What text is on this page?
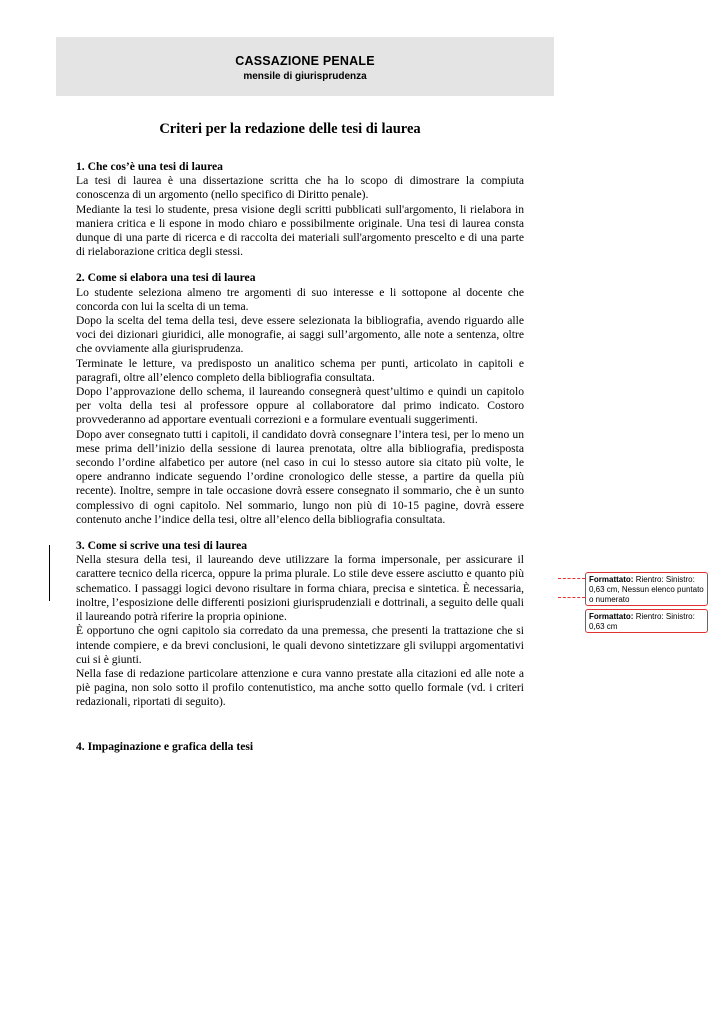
CASSAZIONE PENALE
mensile di giurisprudenza
Criteri per la redazione delle tesi di laurea
1. Che cos’è una tesi di laurea

La tesi di laurea è una dissertazione scritta che ha lo scopo di dimostrare la compiuta conoscenza di un argomento (nello specifico di Diritto penale).

Mediante la tesi lo studente, presa visione degli scritti pubblicati sull'argomento, li rielabora in maniera critica e li espone in modo chiaro e possibilmente originale. Una tesi di laurea consta dunque di una parte di ricerca e di raccolta dei materiali sull'argomento prescelto e di una parte di rielaborazione critica degli stessi.

2. Come si elabora una tesi di laurea

Lo studente seleziona almeno tre argomenti di suo interesse e li sottopone al docente che concorda con lui la scelta di un tema.

Dopo la scelta del tema della tesi, deve essere selezionata la bibliografia, avendo riguardo alle voci dei dizionari giuridici, alle monografie, ai saggi sull’argomento, alle note a sentenza, oltre che ovviamente alla giurisprudenza.

Terminate le letture, va predisposto un analitico schema per punti, articolato in capitoli e paragrafi, oltre all’elenco completo della bibliografia consultata.

Dopo l’approvazione dello schema, il laureando consegnerà quest’ultimo e quindi un capitolo per volta della tesi al professore oppure al collaboratore dal primo indicato. Costoro provvederanno ad apportare eventuali correzioni e a formulare eventuali suggerimenti.

Dopo aver consegnato tutti i capitoli, il candidato dovrà consegnare l’intera tesi, per lo meno un mese prima dell’inizio della sessione di laurea prenotata, oltre alla bibliografia, predisposta secondo l’ordine alfabetico per autore (nel caso in cui lo stesso autore sia citato più volte, le opere andranno indicate seguendo l’ordine cronologico delle stesse, a partire da quella più recente). Inoltre, sempre in tale occasione dovrà essere consegnato il sommario, che è un sunto complessivo di ogni capitolo. Nel sommario, lungo non più di 10-15 pagine, dovrà essere contenuto anche l’indice della tesi, oltre all’elenco della bibliografia consultata.

3. Come si scrive una tesi di laurea

Nella stesura della tesi, il laureando deve utilizzare la forma impersonale, per assicurare il carattere tecnico della ricerca, oppure la prima plurale. Lo stile deve essere asciutto e quanto più schematico. I passaggi logici devono risultare in forma chiara, precisa e sintetica. È necessaria, inoltre, l’esposizione delle differenti posizioni giurisprudenziali e dottrinali, a seguito delle quali il laureando potrà riferire la propria opinione.

È opportuno che ogni capitolo sia corredato da una premessa, che presenti la trattazione che si intende compiere, e da brevi conclusioni, le quali devono sintetizzare gli sviluppi argomentativi cui si è giunti.

Nella fase di redazione particolare attenzione e cura vanno prestate alla citazioni ed alle note a piè pagina, non solo sotto il profilo contenutistico, ma anche sotto quello formale (vd. i criteri redazionali, riportati di seguito).

4. Impaginazione e grafica della tesi
Formattato: Rientro: Sinistro: 0,63 cm, Nessun elenco puntato o numerato
Formattato: Rientro: Sinistro: 0,63 cm
